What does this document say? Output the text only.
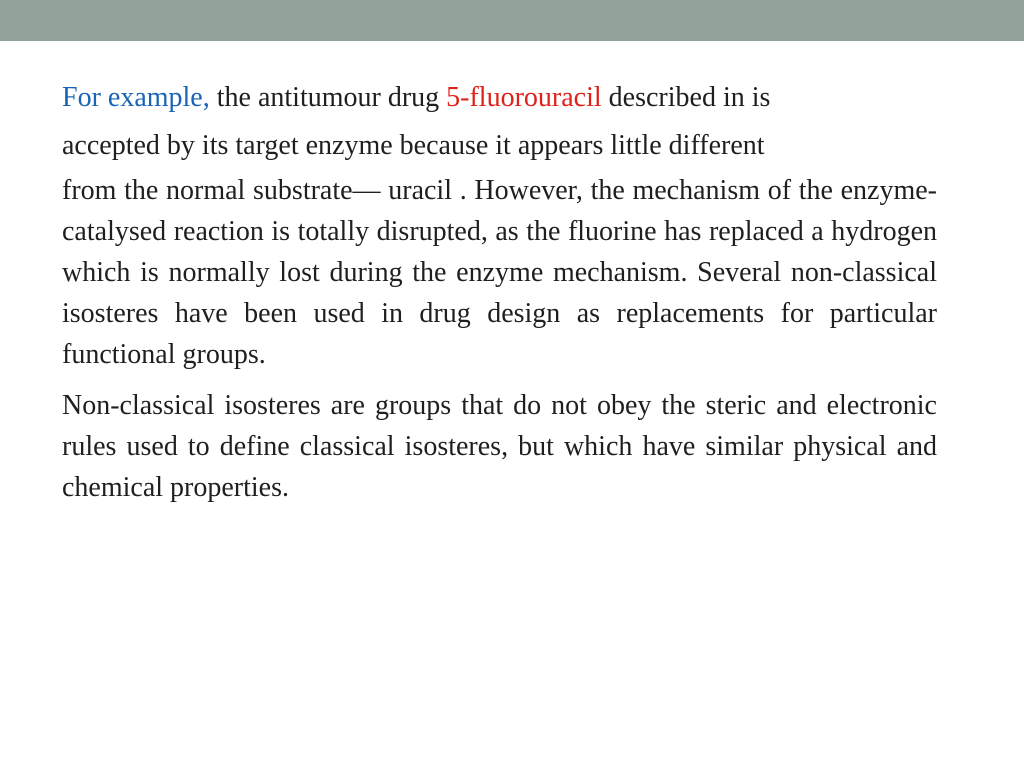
For example, the antitumour drug 5-fluorouracil described in is
accepted by its target enzyme because it appears little different

from the normal substrate— uracil . However, the mechanism of the enzyme-catalysed reaction is totally disrupted, as the fluorine has replaced a hydrogen which is normally lost during the enzyme mechanism. Several non-classical isosteres have been used in drug design as replacements for particular functional groups.

Non-classical isosteres are groups that do not obey the steric and electronic rules used to define classical isosteres, but which have similar physical and chemical properties.
